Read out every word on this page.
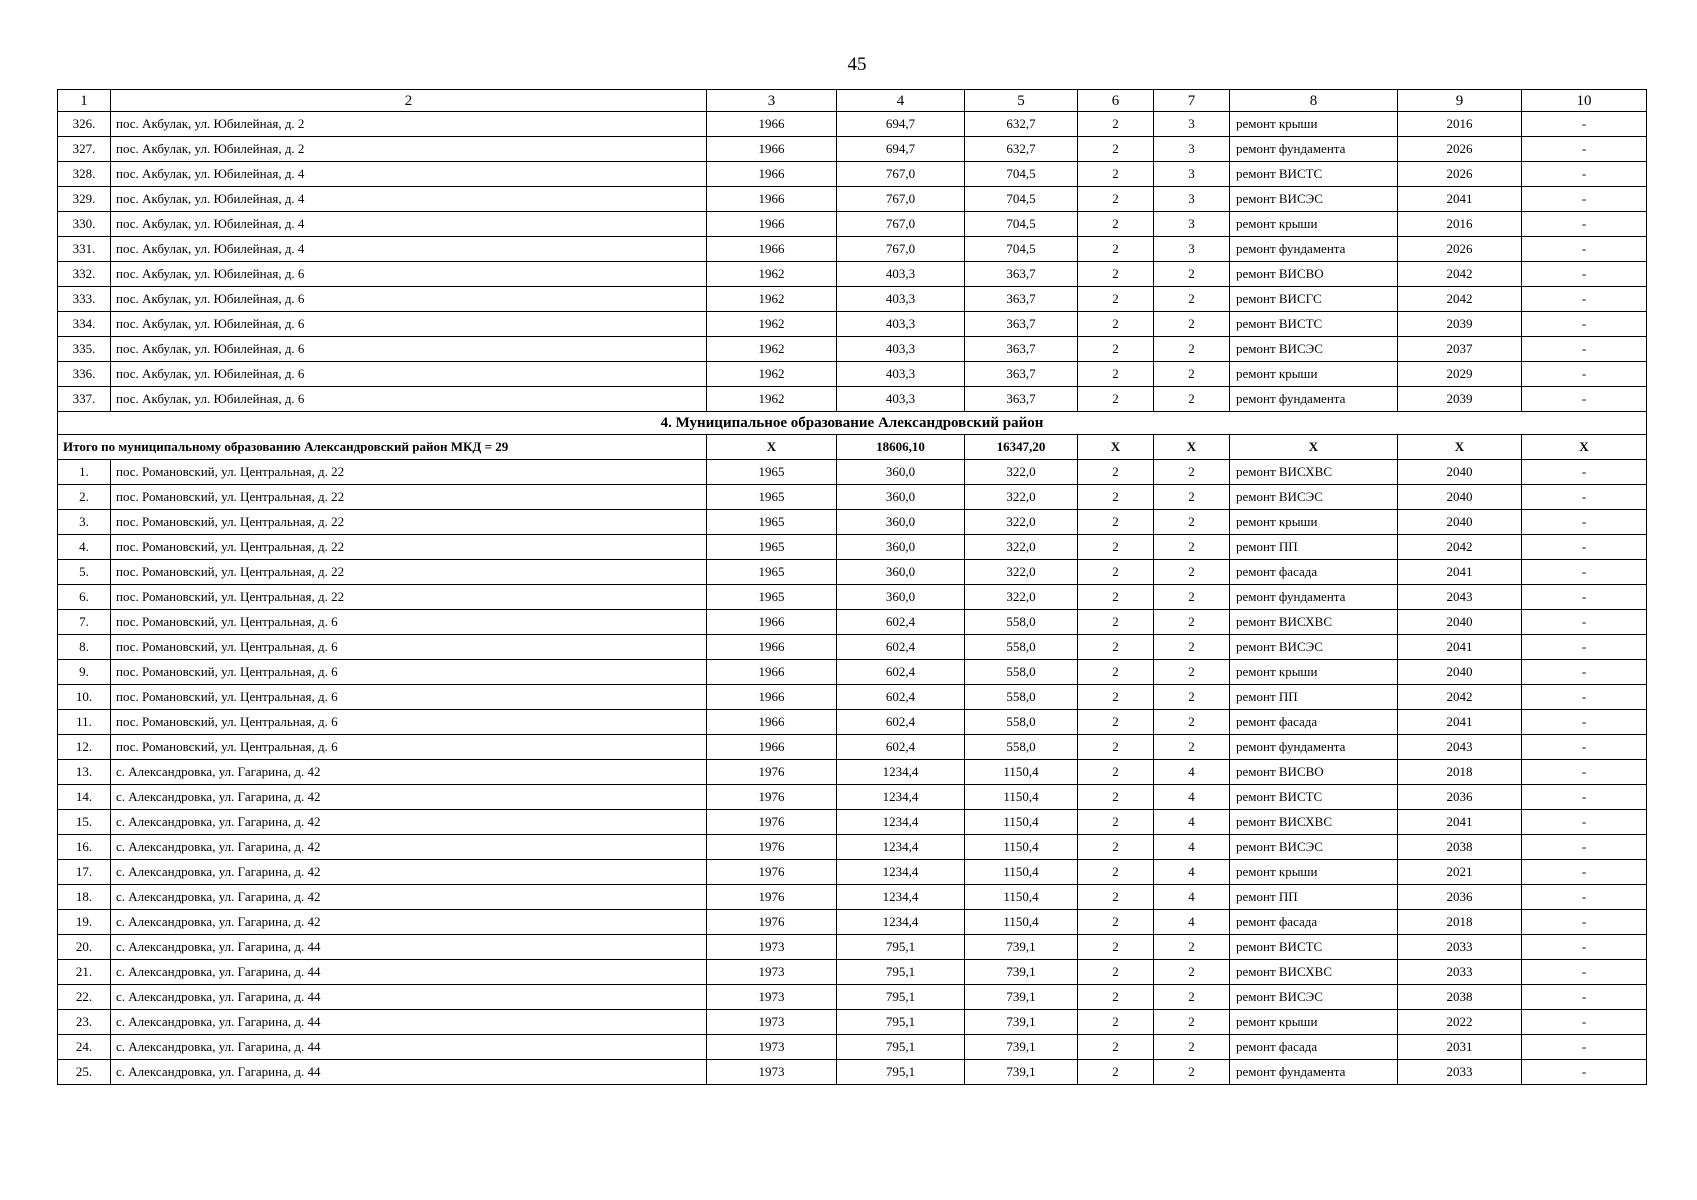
45
1	2	3	4	5	6	7	8	9	10
326.	пос. Акбулак, ул. Юбилейная, д. 2	1966	694,7	632,7	2	3	ремонт крыши	2016	-
327.	пос. Акбулак, ул. Юбилейная, д. 2	1966	694,7	632,7	2	3	ремонт фундамента	2026	-
328.	пос. Акбулак, ул. Юбилейная, д. 4	1966	767,0	704,5	2	3	ремонт ВИСТС	2026	-
329.	пос. Акбулак, ул. Юбилейная, д. 4	1966	767,0	704,5	2	3	ремонт ВИСЭС	2041	-
330.	пос. Акбулак, ул. Юбилейная, д. 4	1966	767,0	704,5	2	3	ремонт крыши	2016	-
331.	пос. Акбулак, ул. Юбилейная, д. 4	1966	767,0	704,5	2	3	ремонт фундамента	2026	-
332.	пос. Акбулак, ул. Юбилейная, д. 6	1962	403,3	363,7	2	2	ремонт ВИСВО	2042	-
333.	пос. Акбулак, ул. Юбилейная, д. 6	1962	403,3	363,7	2	2	ремонт ВИСГС	2042	-
334.	пос. Акбулак, ул. Юбилейная, д. 6	1962	403,3	363,7	2	2	ремонт ВИСТС	2039	-
335.	пос. Акбулак, ул. Юбилейная, д. 6	1962	403,3	363,7	2	2	ремонт ВИСЭС	2037	-
336.	пос. Акбулак, ул. Юбилейная, д. 6	1962	403,3	363,7	2	2	ремонт крыши	2029	-
337.	пос. Акбулак, ул. Юбилейная, д. 6	1962	403,3	363,7	2	2	ремонт фундамента	2039	-
4. Муниципальное образование Александровский район									
Итого по муниципальному образованию Александровский район МКД = 29		Х	18606,10	16347,20	Х	Х	Х	Х	Х
1.	пос. Романовский, ул. Центральная, д. 22	1965	360,0	322,0	2	2	ремонт ВИСХВС	2040	-
2.	пос. Романовский, ул. Центральная, д. 22	1965	360,0	322,0	2	2	ремонт ВИСЭС	2040	-
3.	пос. Романовский, ул. Центральная, д. 22	1965	360,0	322,0	2	2	ремонт крыши	2040	-
4.	пос. Романовский, ул. Центральная, д. 22	1965	360,0	322,0	2	2	ремонт ПП	2042	-
5.	пос. Романовский, ул. Центральная, д. 22	1965	360,0	322,0	2	2	ремонт фасада	2041	-
6.	пос. Романовский, ул. Центральная, д. 22	1965	360,0	322,0	2	2	ремонт фундамента	2043	-
7.	пос. Романовский, ул. Центральная, д. 6	1966	602,4	558,0	2	2	ремонт ВИСХВС	2040	-
8.	пос. Романовский, ул. Центральная, д. 6	1966	602,4	558,0	2	2	ремонт ВИСЭС	2041	-
9.	пос. Романовский, ул. Центральная, д. 6	1966	602,4	558,0	2	2	ремонт крыши	2040	-
10.	пос. Романовский, ул. Центральная, д. 6	1966	602,4	558,0	2	2	ремонт ПП	2042	-
11.	пос. Романовский, ул. Центральная, д. 6	1966	602,4	558,0	2	2	ремонт фасада	2041	-
12.	пос. Романовский, ул. Центральная, д. 6	1966	602,4	558,0	2	2	ремонт фундамента	2043	-
13.	с. Александровка, ул. Гагарина, д. 42	1976	1234,4	1150,4	2	4	ремонт ВИСВО	2018	-
14.	с. Александровка, ул. Гагарина, д. 42	1976	1234,4	1150,4	2	4	ремонт ВИСТС	2036	-
15.	с. Александровка, ул. Гагарина, д. 42	1976	1234,4	1150,4	2	4	ремонт ВИСХВС	2041	-
16.	с. Александровка, ул. Гагарина, д. 42	1976	1234,4	1150,4	2	4	ремонт ВИСЭС	2038	-
17.	с. Александровка, ул. Гагарина, д. 42	1976	1234,4	1150,4	2	4	ремонт крыши	2021	-
18.	с. Александровка, ул. Гагарина, д. 42	1976	1234,4	1150,4	2	4	ремонт ПП	2036	-
19.	с. Александровка, ул. Гагарина, д. 42	1976	1234,4	1150,4	2	4	ремонт фасада	2018	-
20.	с. Александровка, ул. Гагарина, д. 44	1973	795,1	739,1	2	2	ремонт ВИСТС	2033	-
21.	с. Александровка, ул. Гагарина, д. 44	1973	795,1	739,1	2	2	ремонт ВИСХВС	2033	-
22.	с. Александровка, ул. Гагарина, д. 44	1973	795,1	739,1	2	2	ремонт ВИСЭС	2038	-
23.	с. Александровка, ул. Гагарина, д. 44	1973	795,1	739,1	2	2	ремонт крыши	2022	-
24.	с. Александровка, ул. Гагарина, д. 44	1973	795,1	739,1	2	2	ремонт фасада	2031	-
25.	с. Александровка, ул. Гагарина, д. 44	1973	795,1	739,1	2	2	ремонт фундамента	2033	-
